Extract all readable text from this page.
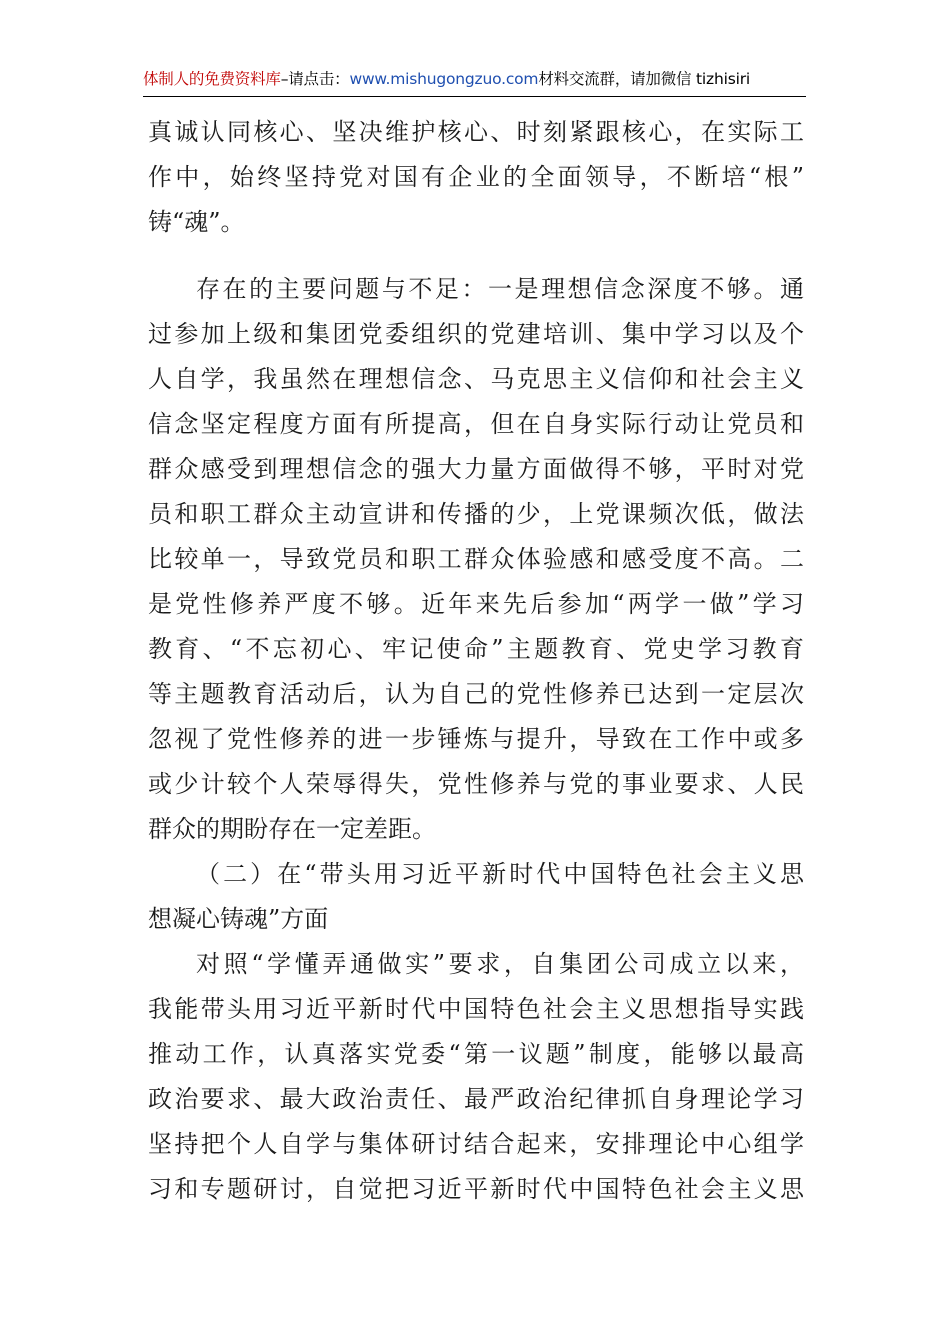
体制人的免费资料库–请点击：www.mishugongzuo.com材料交流群，请加微信 tizhisiri
真诚认同核心、坚决维护核心、时刻紧跟核心，在实际工
作中，始终坚持党对国有企业的全面领导，不断培“根”
铸“魂”。
存在的主要问题与不足：一是理想信念深度不够。通
过参加上级和集团党委组织的党建培训、集中学习以及个
人自学，我虽然在理想信念、马克思主义信仰和社会主义
信念坚定程度方面有所提高，但在自身实际行动让党员和
群众感受到理想信念的强大力量方面做得不够，平时对党
员和职工群众主动宣讲和传播的少，上党课频次低，做法
比较单一，导致党员和职工群众体验感和感受度不高。二
是党性修养严度不够。近年来先后参加“两学一做”学习
教育、“不忘初心、牢记使命”主题教育、党史学习教育
等主题教育活动后，认为自己的党性修养已达到一定层次
忽视了党性修养的进一步锤炼与提升，导致在工作中或多
或少计较个人荣辱得失，党性修养与党的事业要求、人民
群众的期盼存在一定差距。
（二）在“带头用习近平新时代中国特色社会主义思
想凝心铸魂”方面
对照“学懂弄通做实”要求，自集团公司成立以来，
我能带头用习近平新时代中国特色社会主义思想指导实践
推动工作，认真落实党委“第一议题”制度，能够以最高
政治要求、最大政治责任、最严政治纪律抓自身理论学习
坚持把个人自学与集体研讨结合起来，安排理论中心组学
习和专题研讨，自觉把习近平新时代中国特色社会主义思
